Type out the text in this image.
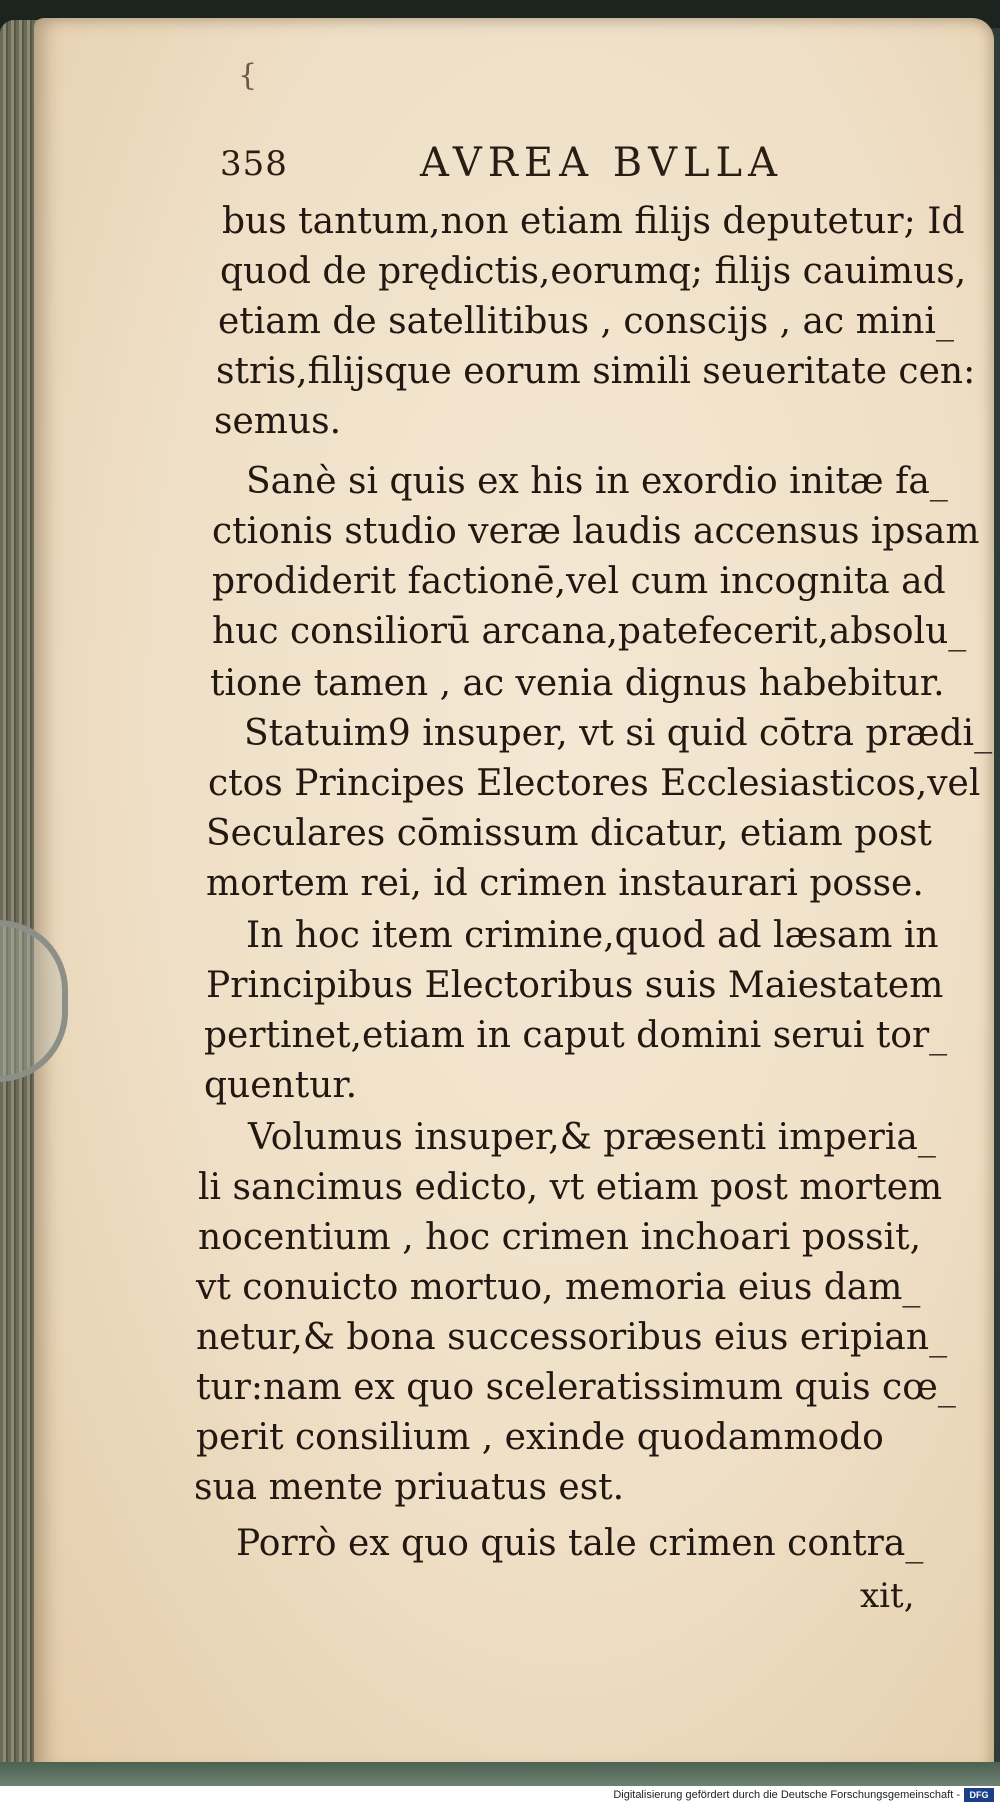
{
358	AVREA BVLLA
bus tantum,non etiam filijs deputetur; Id
quod de prędictis,eorumq; filijs cauimus,
etiam de satellitibus , conscijs , ac mini_
stris,filijsque eorum simili seueritate cen:
semus.
Sanè si quis ex his in exordio initæ fa_
ctionis studio veræ laudis accensus ipsam
prodiderit factionē,vel cum incognita ad
huc consiliorū arcana,patefecerit,absolu_
tione tamen , ac venia dignus habebitur.
Statuim9 insuper, vt si quid cōtra prædi_
ctos Principes Electores Ecclesiasticos,vel
Seculares cōmissum dicatur, etiam post
mortem rei, id crimen instaurari posse.
In hoc item crimine,quod ad læsam in
Principibus Electoribus suis Maiestatem
pertinet,etiam in caput domini serui tor_
quentur.
Volumus insuper,& præsenti imperia_
li sancimus edicto, vt etiam post mortem
nocentium , hoc crimen inchoari possit,
vt conuicto mortuo, memoria eius dam_
netur,& bona successoribus eius eripian_
tur:nam ex quo sceleratissimum quis cœ_
perit consilium , exinde quodammodo
sua mente priuatus est.
Porrò ex quo quis tale crimen contra_
xit,
Digitalisierung gefördert durch die Deutsche Forschungsgemeinschaft -	DFG
